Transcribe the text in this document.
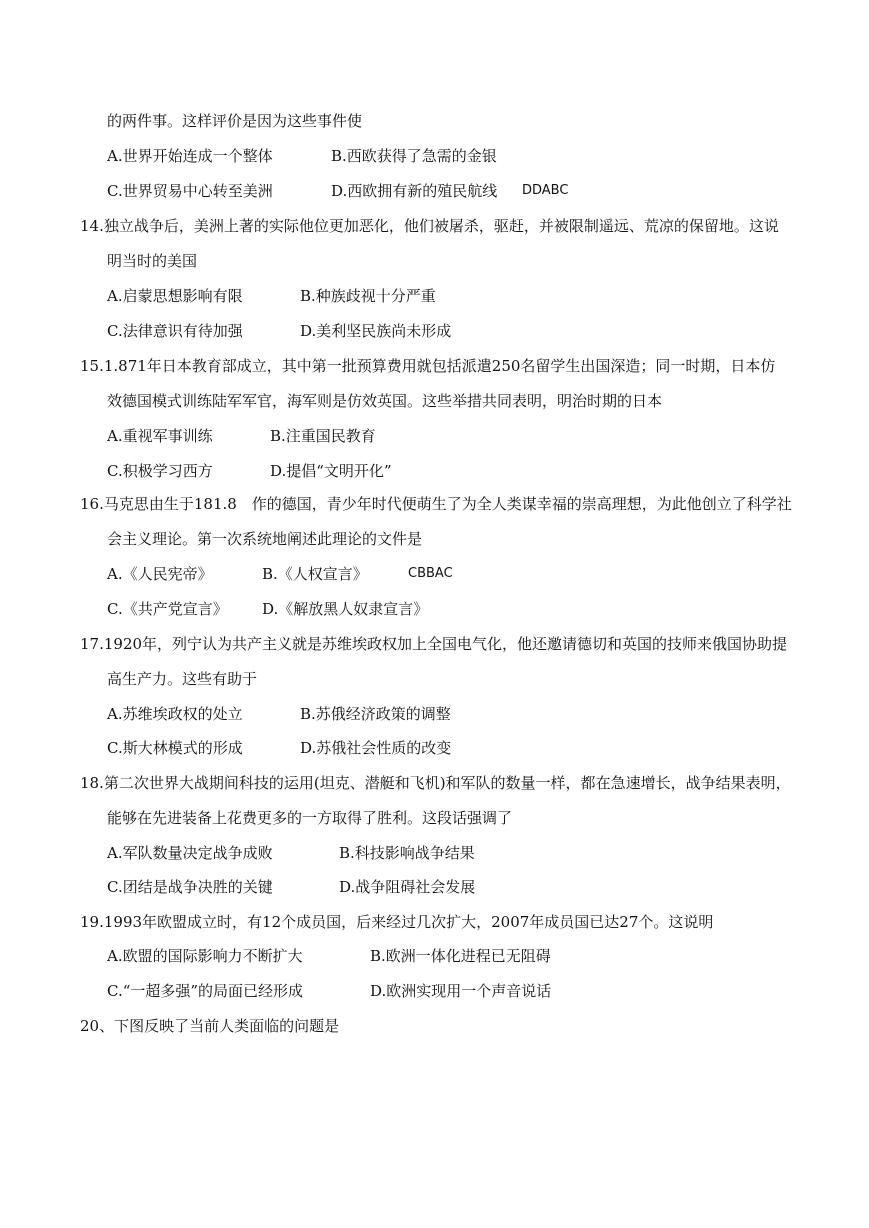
的两件事。这样评价是因为这些事件使
A.世界开始连成一个整体	B.西欧获得了急需的金银
C.世界贸易中心转至美洲	D.西欧拥有新的殖民航线 DDABC
14.独立战争后，美洲上著的实际他位更加恶化，他们被屠杀，驱赶，并被限制遥远、荒凉的保留地。这说
明当时的美国
A.启蒙思想影响有限	B.种族歧视十分严重
C.法律意识有待加强	D.美利坚民族尚未形成
15.1.871年日本教育部成立，其中第一批预算费用就包括派遣250名留学生出国深造；同一时期，日本仿
效德国模式训练陆军军官，海军则是仿效英国。这些举措共同表明，明治时期的日本
A.重视军事训练	B.注重国民教育
C.积极学习西方	D.提倡“文明开化”
16.马克思由生于181.8　作的德国，青少年时代便萌生了为全人类谋幸福的崇高理想，为此他创立了科学社
会主义理论。第一次系统地阐述此理论的文件是
A.《人民宪帝》	B.《人权宣言》	CBBAC
C.《共产党宣言》 D.《解放黑人奴隶宣言》
17.1920年，列宁认为共产主义就是苏维埃政权加上全国电气化，他还邀请德切和英国的技师来俄国协助提
高生产力。这些有助于
A.苏维埃政权的处立	B.苏俄经济政策的调整
C.斯大林模式的形成	D.苏俄社会性质的改变
18.第二次世界大战期间科技的运用(坦克、潜艇和飞机)和军队的数量一样，都在急速增长，战争结果表明，
能够在先进装备上花费更多的一方取得了胜利。这段话强调了
A.军队数量决定战争成败	B.科技影响战争结果
C.团结是战争决胜的关键	D.战争阻碍社会发展
19.1993年欧盟成立时，有12个成员国，后来经过几次扩大，2007年成员国已达27个。这说明
A.欧盟的国际影响力不断扩大	B.欧洲一体化进程已无阻碍
C.“一超多强”的局面已经形成	D.欧洲实现用一个声音说话
20、下图反映了当前人类面临的问题是
